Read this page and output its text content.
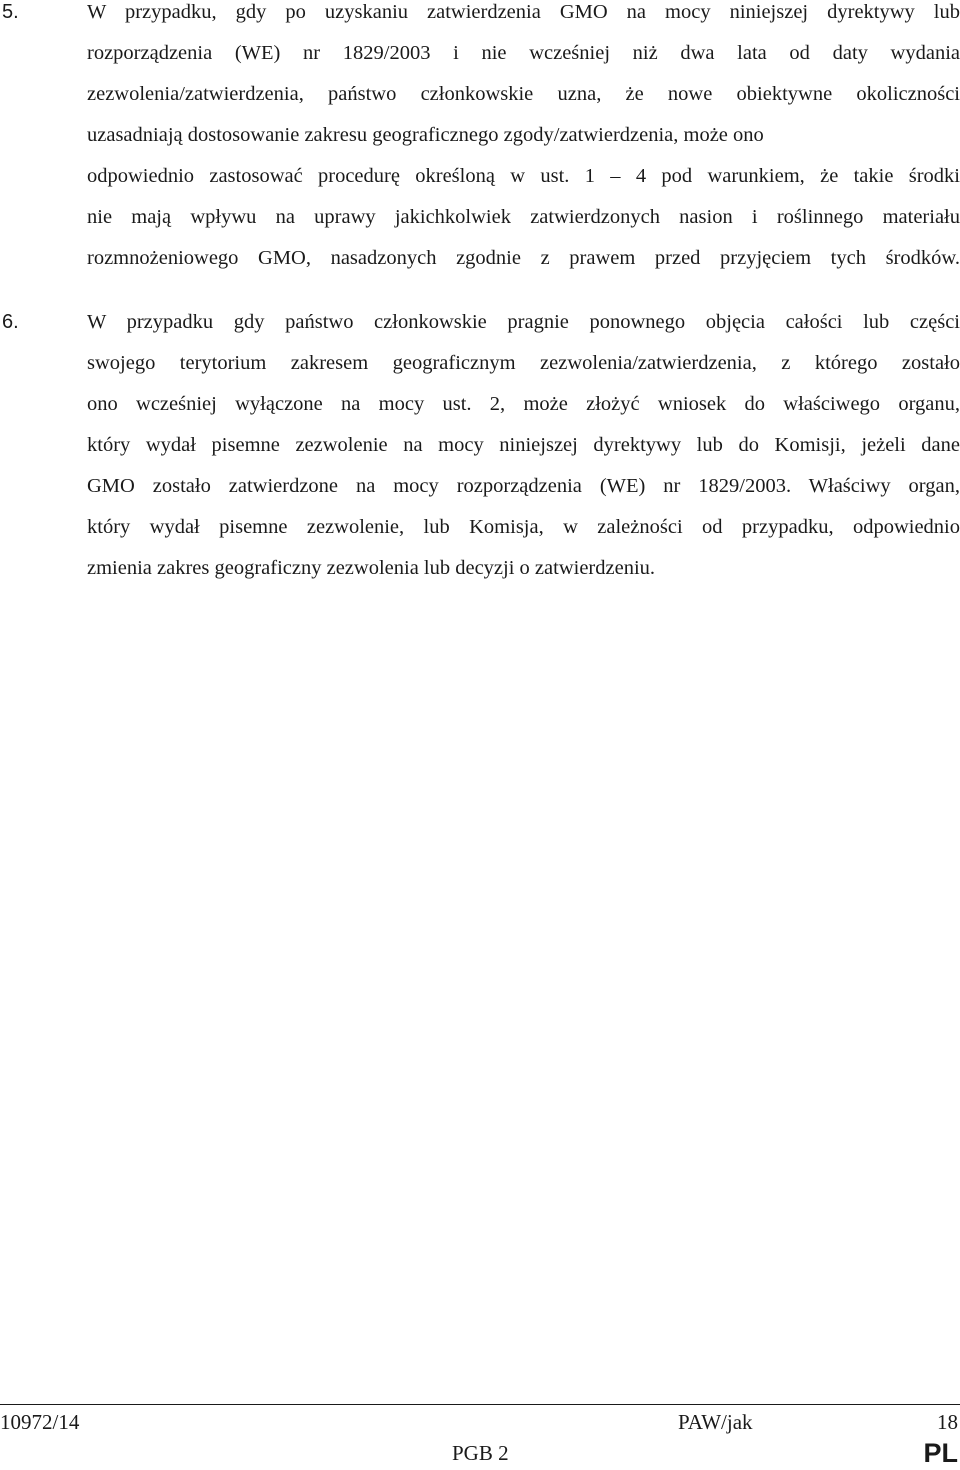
5.	W przypadku, gdy po uzyskaniu zatwierdzenia GMO na mocy niniejszej dyrektywy lub
rozporządzenia (WE) nr 1829/2003 i nie wcześniej niż dwa lata od daty wydania
zezwolenia/zatwierdzenia, państwo członkowskie uzna, że nowe obiektywne okoliczności
uzasadniają dostosowanie zakresu geograficznego zgody/zatwierdzenia, może ono
odpowiednio zastosować procedurę określoną w ust. 1 – 4 pod warunkiem, że takie środki
nie mają wpływu na uprawy jakichkolwiek zatwierdzonych nasion i roślinnego materiału
rozmnożeniowego GMO, nasadzonych zgodnie z prawem przed przyjęciem tych środków.
6.	W przypadku gdy państwo członkowskie pragnie ponownego objęcia całości lub części
swojego terytorium zakresem geograficznym zezwolenia/zatwierdzenia, z którego zostało
ono wcześniej wyłączone na mocy ust. 2, może złożyć wniosek do właściwego organu,
który wydał pisemne zezwolenie na mocy niniejszej dyrektywy lub do Komisji, jeżeli dane
GMO zostało zatwierdzone na mocy rozporządzenia (WE) nr 1829/2003. Właściwy organ,
który wydał pisemne zezwolenie, lub Komisja, w zależności od przypadku, odpowiednio
zmienia zakres geograficzny zezwolenia lub decyzji o zatwierdzeniu.
10972/14	PAW/jak	18
PGB 2	PL
